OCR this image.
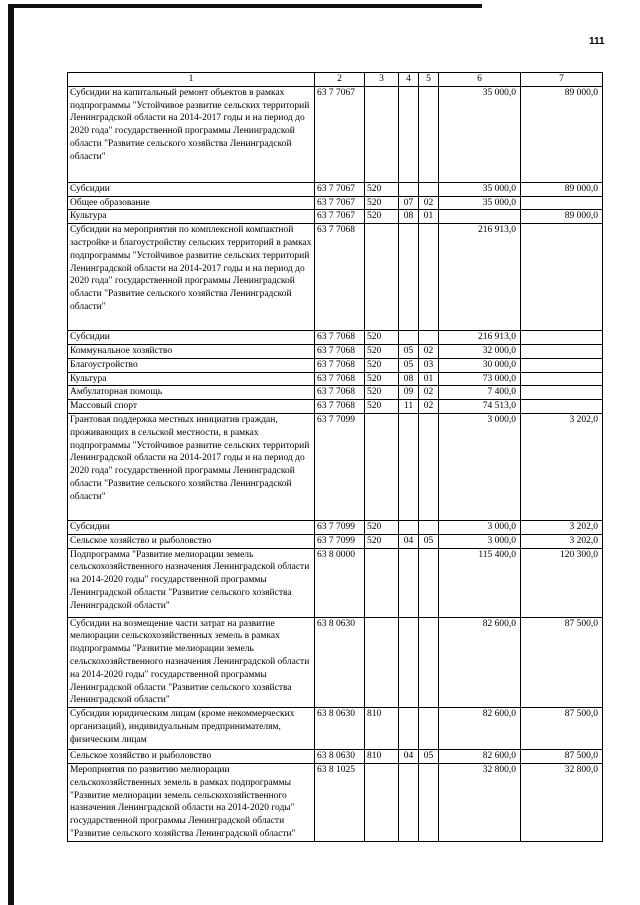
111
1	2	3	4	5	6	7
Субсидии на капитальный ремонт объектов в рамках подпрограммы "Устойчивое развитие сельских территорий Ленинградской области на 2014-2017 годы и на период до 2020 года" государственной программы Ленинградской области "Развитие сельского хозяйства Ленинградской области"	63 7 7067				35 000,0	89 000,0
Субсидии	63 7 7067	520			35 000,0	89 000,0
Общее образование	63 7 7067	520	07	02	35 000,0	
Культура	63 7 7067	520	08	01		89 000,0
Субсидии на мероприятия по комплексной компактной застройке и благоустройству сельских территорий в рамках подпрограммы "Устойчивое развитие сельских территорий Ленинградской области на 2014-2017 годы и на период до 2020 года" государственной программы Ленинградской области "Развитие сельского хозяйства Ленинградской области"	63 7 7068				216 913,0	
Субсидии	63 7 7068	520			216 913,0	
Коммунальное хозяйство	63 7 7068	520	05	02	32 000,0	
Благоустройство	63 7 7068	520	05	03	30 000,0	
Культура	63 7 7068	520	08	01	73 000,0	
Амбулаторная помощь	63 7 7068	520	09	02	7 400,0	
Массовый спорт	63 7 7068	520	11	02	74 513,0	
Грантовая поддержка местных инициатив граждан, проживающих в сельской местности, в рамках подпрограммы "Устойчивое развитие сельских территорий Ленинградской области на 2014-2017 годы и на период до 2020 года" государственной программы Ленинградской области "Развитие сельского хозяйства Ленинградской области"	63 7 7099				3 000,0	3 202,0
Субсидии	63 7 7099	520			3 000,0	3 202,0
Сельское хозяйство и рыболовство	63 7 7099	520	04	05	3 000,0	3 202,0
Подпрограмма "Развитие мелиорации земель сельскохозяйственного назначения Ленинградской области на 2014-2020 годы" государственной программы Ленинградской области "Развитие сельского хозяйства Ленинградской области"	63 8 0000				115 400,0	120 300,0
Субсидии на возмещение части затрат на развитие мелиорации сельскохозяйственных земель в рамках подпрограммы "Развитие мелиорации земель сельскохозяйственного назначения Ленинградской области на 2014-2020 годы" государственной программы Ленинградской области "Развитие сельского хозяйства Ленинградской области"	63 8 0630				82 600,0	87 500,0
Субсидии юридическим лицам (кроме некоммерческих организаций), индивидуальным предпринимателям, физическим лицам	63 8 0630	810			82 600,0	87 500,0
Сельское хозяйство и рыболовство	63 8 0630	810	04	05	82 600,0	87 500,0
Мероприятия по развитию мелиорации сельскохозяйственных земель в рамках подпрограммы "Развитие мелиорации земель сельскохозяйственного назначения Ленинградской области на 2014-2020 годы" государственной программы Ленинградской области "Развитие сельского хозяйства Ленинградской области"	63 8 1025				32 800,0	32 800,0
